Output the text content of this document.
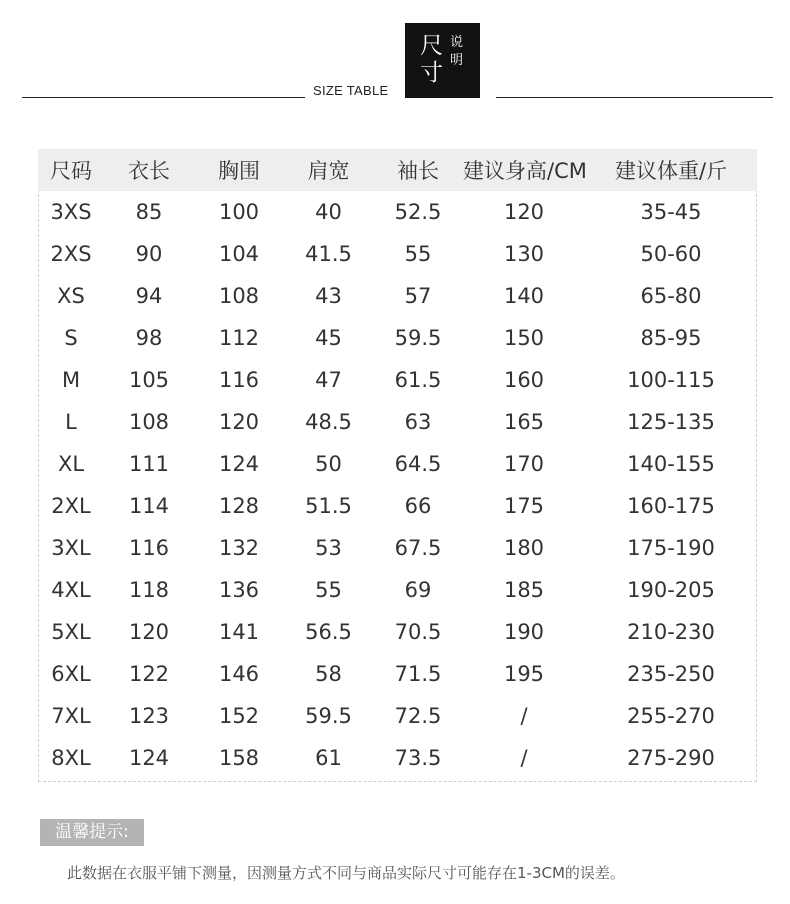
SIZE TABLE
尺
寸
说
明
尺码	衣长	胸围	肩宽	袖长	建议身高/CM	建议体重/斤
3XS	85	100	40	52.5	120	35-45
2XS	90	104	41.5	55	130	50-60
XS	94	108	43	57	140	65-80
S	98	112	45	59.5	150	85-95
M	105	116	47	61.5	160	100-115
L	108	120	48.5	63	165	125-135
XL	111	124	50	64.5	170	140-155
2XL	114	128	51.5	66	175	160-175
3XL	116	132	53	67.5	180	175-190
4XL	118	136	55	69	185	190-205
5XL	120	141	56.5	70.5	190	210-230
6XL	122	146	58	71.5	195	235-250
7XL	123	152	59.5	72.5	/	255-270
8XL	124	158	61	73.5	/	275-290
温馨提示:
此数据在衣服平铺下测量，因测量方式不同与商品实际尺寸可能存在1-3CM的误差。
